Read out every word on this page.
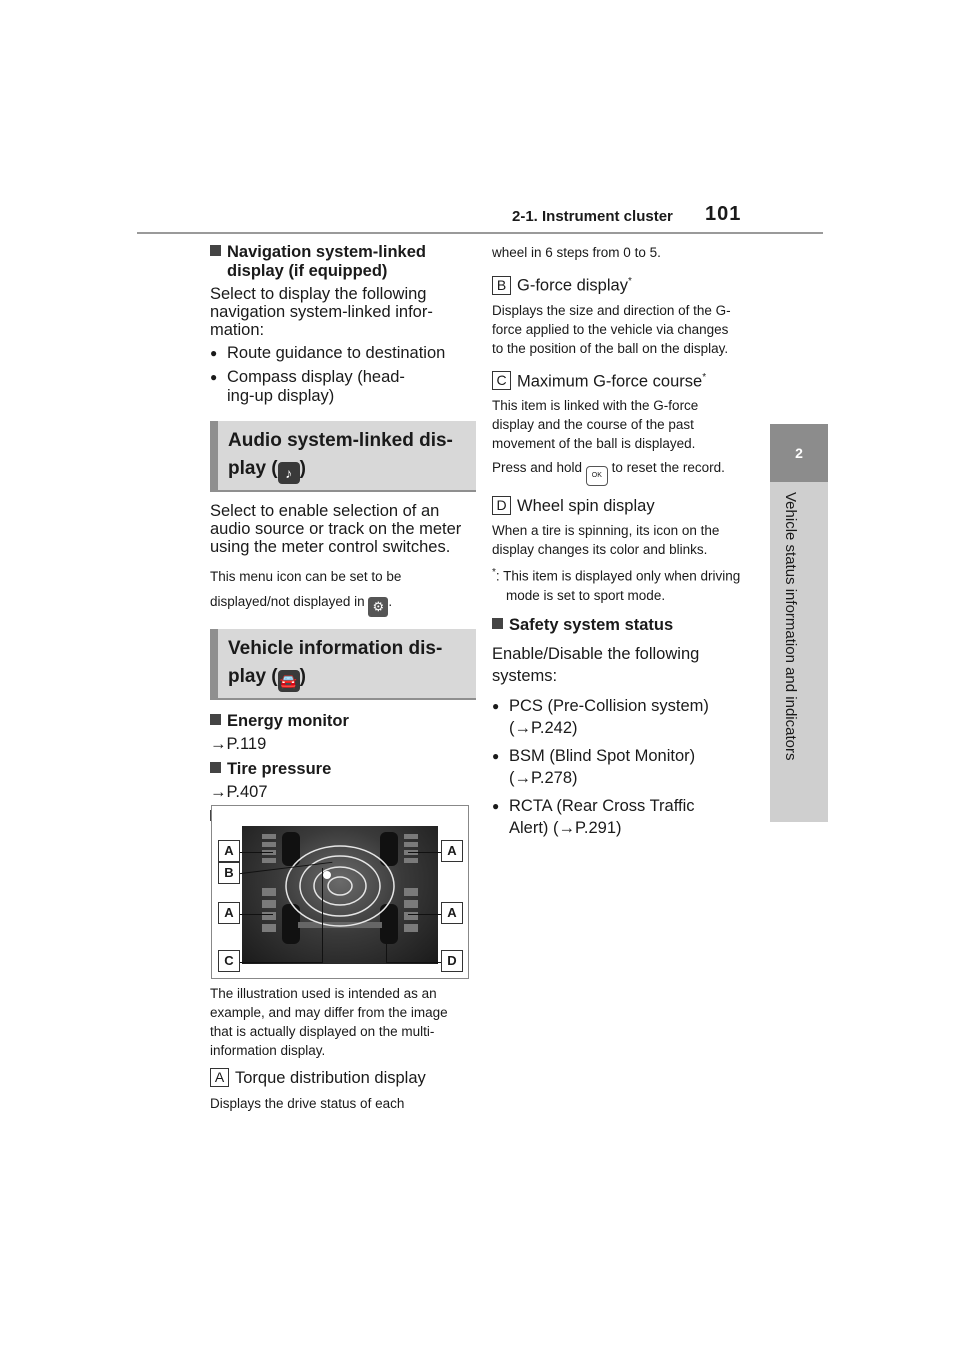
2-1. Instrument cluster 101
2
Vehicle status information and indicators

Navigation system-linked
display (if equipped)

Select to display the following navigation system-linked infor- mation:

● Route guidance to destination

● Compass display (head- ing-up display)

Audio system-linked dis-
play ( ♪ )

Select to enable selection of an audio source or track on the meter using the meter control switches.

This menu icon can be set to be displayed/not displayed in ⚙ .

Vehicle information dis-
play ( 🚘 )

Energy monitor

→P.119

Tire pressure

→P.407

A
B
A
C
A
A
D

The illustration used is intended as an example, and may differ from the image that is actually displayed on the multi-information display.

A Torque distribution display

Displays the drive status of each

wheel in 6 steps from 0 to 5.

B G-force display*

Displays the size and direction of the G-force applied to the vehicle via changes to the position of the ball on the display.

C Maximum G-force course*

This item is linked with the G-force display and the course of the past movement of the ball is displayed.

Press and hold OK to reset the record.

D Wheel spin display

When a tire is spinning, its icon on the display changes its color and blinks.

*: This item is displayed only when driving mode is set to sport mode.

Safety system status

Enable/Disable the following systems:

● PCS (Pre-Collision system) (→P.242)

● BSM (Blind Spot Monitor) (→P.278)

● RCTA (Rear Cross Traffic Alert) (→P.291)
